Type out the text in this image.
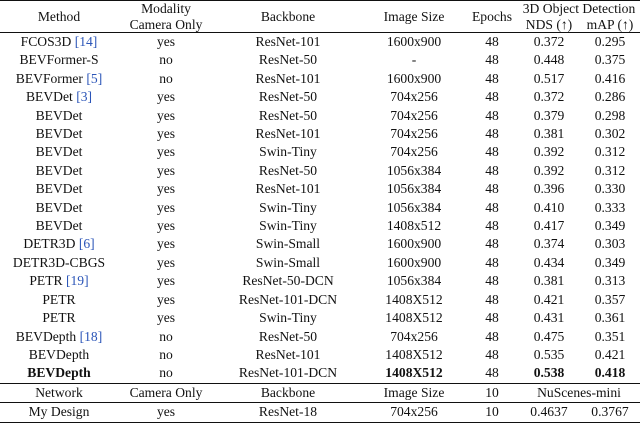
Method	Modality	Backbone	Image Size	Epochs	3D Object Detection	
	Camera Only				NDS (↑)	mAP (↑)
FCOS3D [14]	yes	ResNet-101	1600x900	48	0.372	0.295
BEVFormer-S	no	ResNet-50	-	48	0.448	0.375
BEVFormer [5]	no	ResNet-101	1600x900	48	0.517	0.416
BEVDet [3]	yes	ResNet-50	704x256	48	0.372	0.286
BEVDet	yes	ResNet-50	704x256	48	0.379	0.298
BEVDet	yes	ResNet-101	704x256	48	0.381	0.302
BEVDet	yes	Swin-Tiny	704x256	48	0.392	0.312
BEVDet	yes	ResNet-50	1056x384	48	0.392	0.312
BEVDet	yes	ResNet-101	1056x384	48	0.396	0.330
BEVDet	yes	Swin-Tiny	1056x384	48	0.410	0.333
BEVDet	yes	Swin-Tiny	1408x512	48	0.417	0.349
DETR3D [6]	yes	Swin-Small	1600x900	48	0.374	0.303
DETR3D-CBGS	yes	Swin-Small	1600x900	48	0.434	0.349
PETR [19]	yes	ResNet-50-DCN	1056x384	48	0.381	0.313
PETR	yes	ResNet-101-DCN	1408X512	48	0.421	0.357
PETR	yes	Swin-Tiny	1408X512	48	0.431	0.361
BEVDepth [18]	no	ResNet-50	704x256	48	0.475	0.351
BEVDepth	no	ResNet-101	1408X512	48	0.535	0.421
BEVDepth	no	ResNet-101-DCN	1408X512	48	0.538	0.418
Network	Camera Only	Backbone	Image Size	10	NuScenes-mini	
My Design	yes	ResNet-18	704x256	10	0.4637	0.3767
